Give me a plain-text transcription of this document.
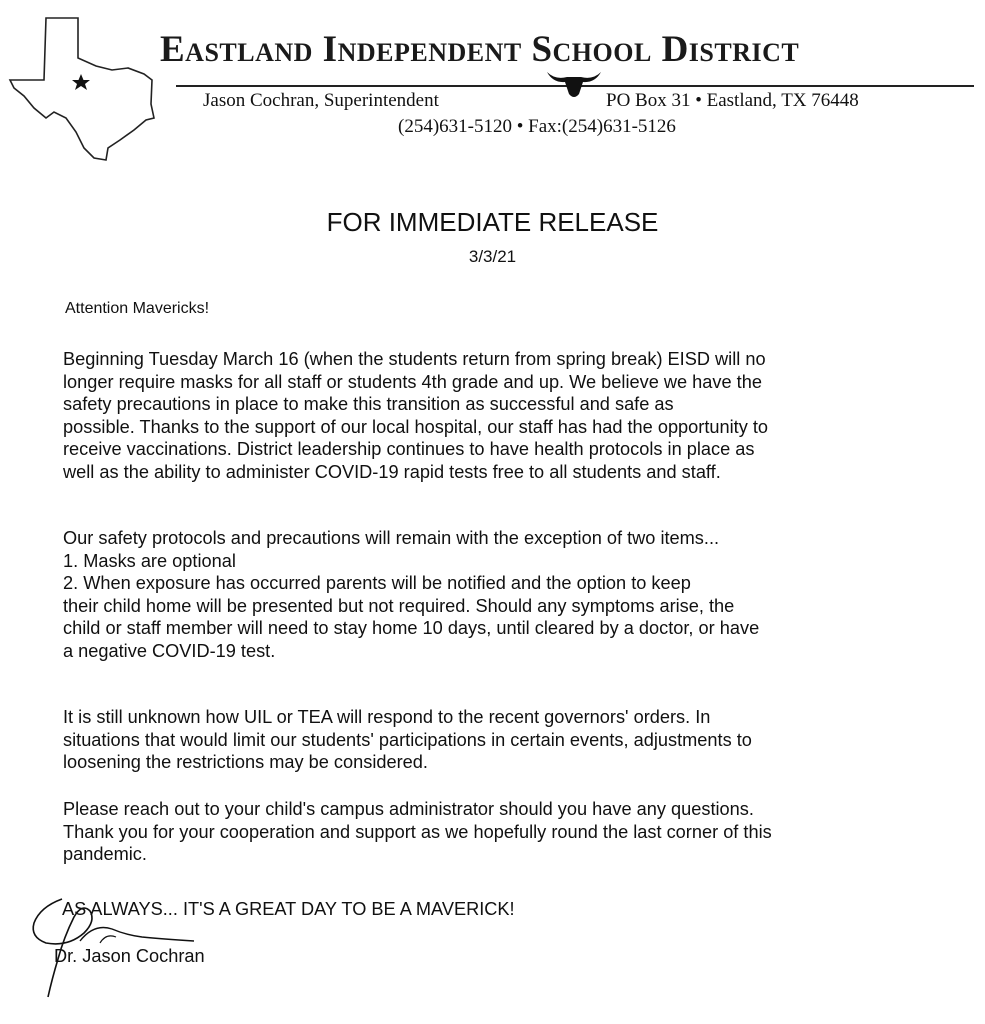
Eastland Independent School District
Jason Cochran, Superintendent	PO Box 31 • Eastland, TX 76448
(254)631-5120 • Fax:(254)631-5126
FOR IMMEDIATE RELEASE
3/3/21
Attention Mavericks!
Beginning Tuesday March 16 (when the students return from spring break) EISD will no
longer require masks for all staff or students 4th grade and up. We believe we have the
safety precautions in place to make this transition as successful and safe as
possible. Thanks to the support of our local hospital, our staff has had the opportunity to
receive vaccinations. District leadership continues to have health protocols in place as
well as the ability to administer COVID-19 rapid tests free to all students and staff.
Our safety protocols and precautions will remain with the exception of two items...
1. Masks are optional
2. When exposure has occurred parents will be notified and the option to keep
their child home will be presented but not required. Should any symptoms arise, the
child or staff member will need to stay home 10 days, until cleared by a doctor, or have
a negative COVID-19 test.
It is still unknown how UIL or TEA will respond to the recent governors' orders. In
situations that would limit our students' participations in certain events, adjustments to
loosening the restrictions may be considered.
Please reach out to your child's campus administrator should you have any questions.
Thank you for your cooperation and support as we hopefully round the last corner of this
pandemic.
AS ALWAYS... IT'S A GREAT DAY TO BE A MAVERICK!
Dr. Jason Cochran
